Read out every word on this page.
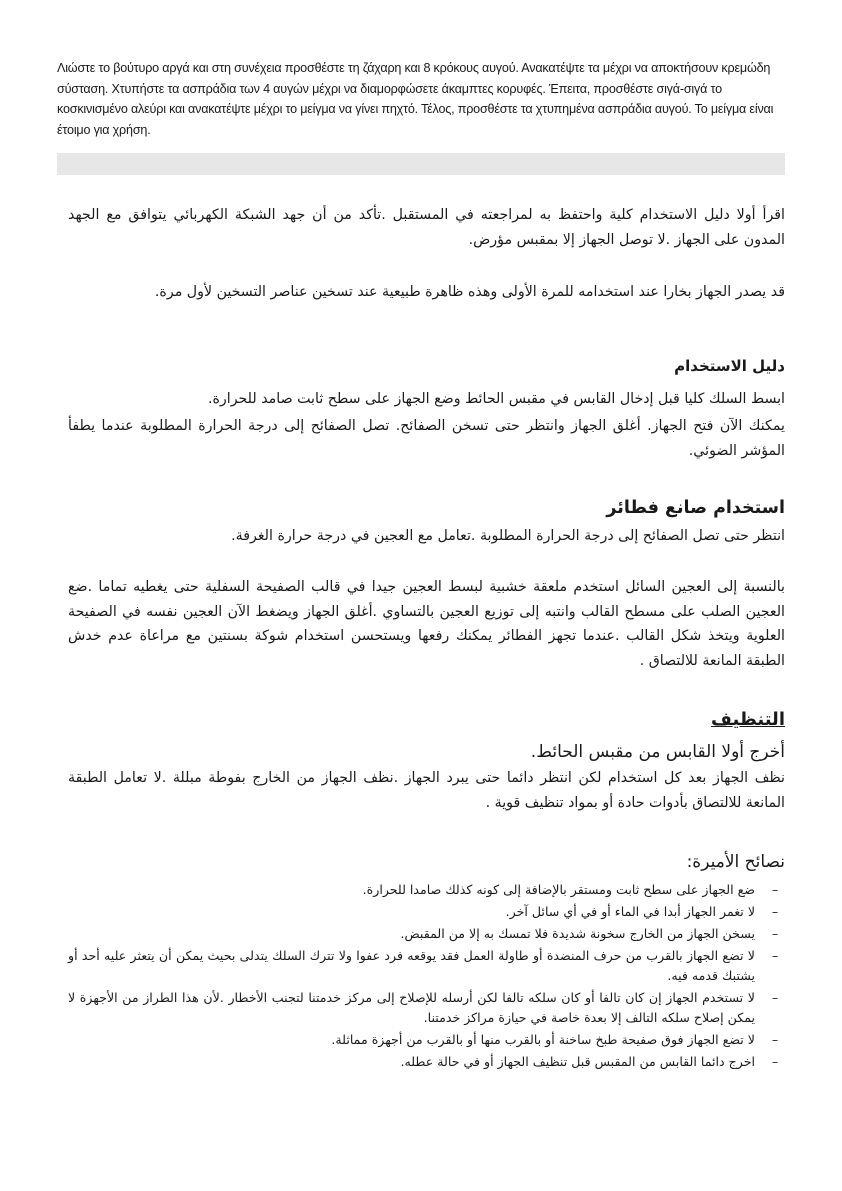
Λιώστε το βούτυρο αργά και στη συνέχεια προσθέστε τη ζάχαρη και 8 κρόκους αυγού. Ανακατέψτε τα μέχρι να αποκτήσουν κρεμώδη σύσταση. Χτυπήστε τα ασπράδια των 4 αυγών μέχρι να διαμορφώσετε άκαμπτες κορυφές. Έπειτα, προσθέστε σιγά-σιγά το κοσκινισμένο αλεύρι και ανακατέψτε μέχρι το μείγμα να γίνει πηχτό. Τέλος, προσθέστε τα χτυπημένα ασπράδια αυγού. Το μείγμα είναι έτοιμο για χρήση.

اقرأ أولا دليل الاستخدام كلية واحتفظ به لمراجعته في المستقبل .تأكد من أن جهد الشبكة الكهربائي يتوافق مع الجهد المدون على الجهاز .لا توصل الجهاز إلا بمقبس مؤرض.

قد يصدر الجهاز بخارا عند استخدامه للمرة الأولى وهذه ظاهرة طبيعية عند تسخين عناصر التسخين لأول مرة.

دليل الاستخدام

ابسط السلك كليا قبل إدخال القابس في مقبس الحائط وضع الجهاز على سطح ثابت صامد للحرارة.

يمكنك الآن فتح الجهاز. أغلق الجهاز وانتظر حتى تسخن الصفائح. تصل الصفائح إلى درجة الحرارة المطلوبة عندما يطفأ المؤشر الضوئي.

استخدام صانع فطائر

انتظر حتى تصل الصفائح إلى درجة الحرارة المطلوبة .تعامل مع العجين في درجة حرارة الغرفة.

بالنسبة إلى العجين السائل استخدم ملعقة خشبية لبسط العجين جيدا في قالب الصفيحة السفلية حتى يغطيه تماما .ضع العجين الصلب على مسطح القالب وانتبه إلى توزيع العجين بالتساوي .أغلق الجهاز ويضغط الآن العجين نفسه في الصفيحة العلوية ويتخذ شكل القالب .عندما تجهز الفطائر يمكنك رفعها ويستحسن استخدام شوكة بسنتين مع مراعاة عدم خدش الطبقة المانعة للالتصاق .

التنظيف

أخرج أولا القابس من مقبس الحائط.

نظف الجهاز بعد كل استخدام لكن انتظر دائما حتى يبرد الجهاز .نظف الجهاز من الخارج بفوطة مبللة .لا تعامل الطبقة المانعة للالتصاق بأدوات حادة أو بمواد تنظيف قوية .

نصائح الأميرة:
–
ضع الجهاز على سطح ثابت ومستقر بالإضافة إلى كونه كذلك صامدا للحرارة.
–
لا تغمر الجهاز أبدا في الماء أو في أي سائل آخر.
–
يسخن الجهاز من الخارج سخونة شديدة فلا تمسك به إلا من المقبض.
–
لا تضع الجهاز بالقرب من حرف المنضدة أو طاولة العمل فقد يوقعه فرد عفوا ولا تترك السلك يتدلى بحيث يمكن أن يتعثر عليه أحد أو يشتبك قدمه فيه.
–
لا تستخدم الجهاز إن كان تالفا أو كان سلكه تالفا لكن أرسله للإصلاح إلى مركز خدمتنا لتجنب الأخطار .لأن هذا الطراز من الأجهزة لا يمكن إصلاح سلكه التالف إلا بعدة خاصة في حيازة مراكز خدمتنا.
–
لا تضع الجهاز فوق صفيحة طبخ ساخنة أو بالقرب منها أو بالقرب من أجهزة مماثلة.
–
اخرج دائما القابس من المقبس قبل تنظيف الجهاز أو في حالة عطله.
